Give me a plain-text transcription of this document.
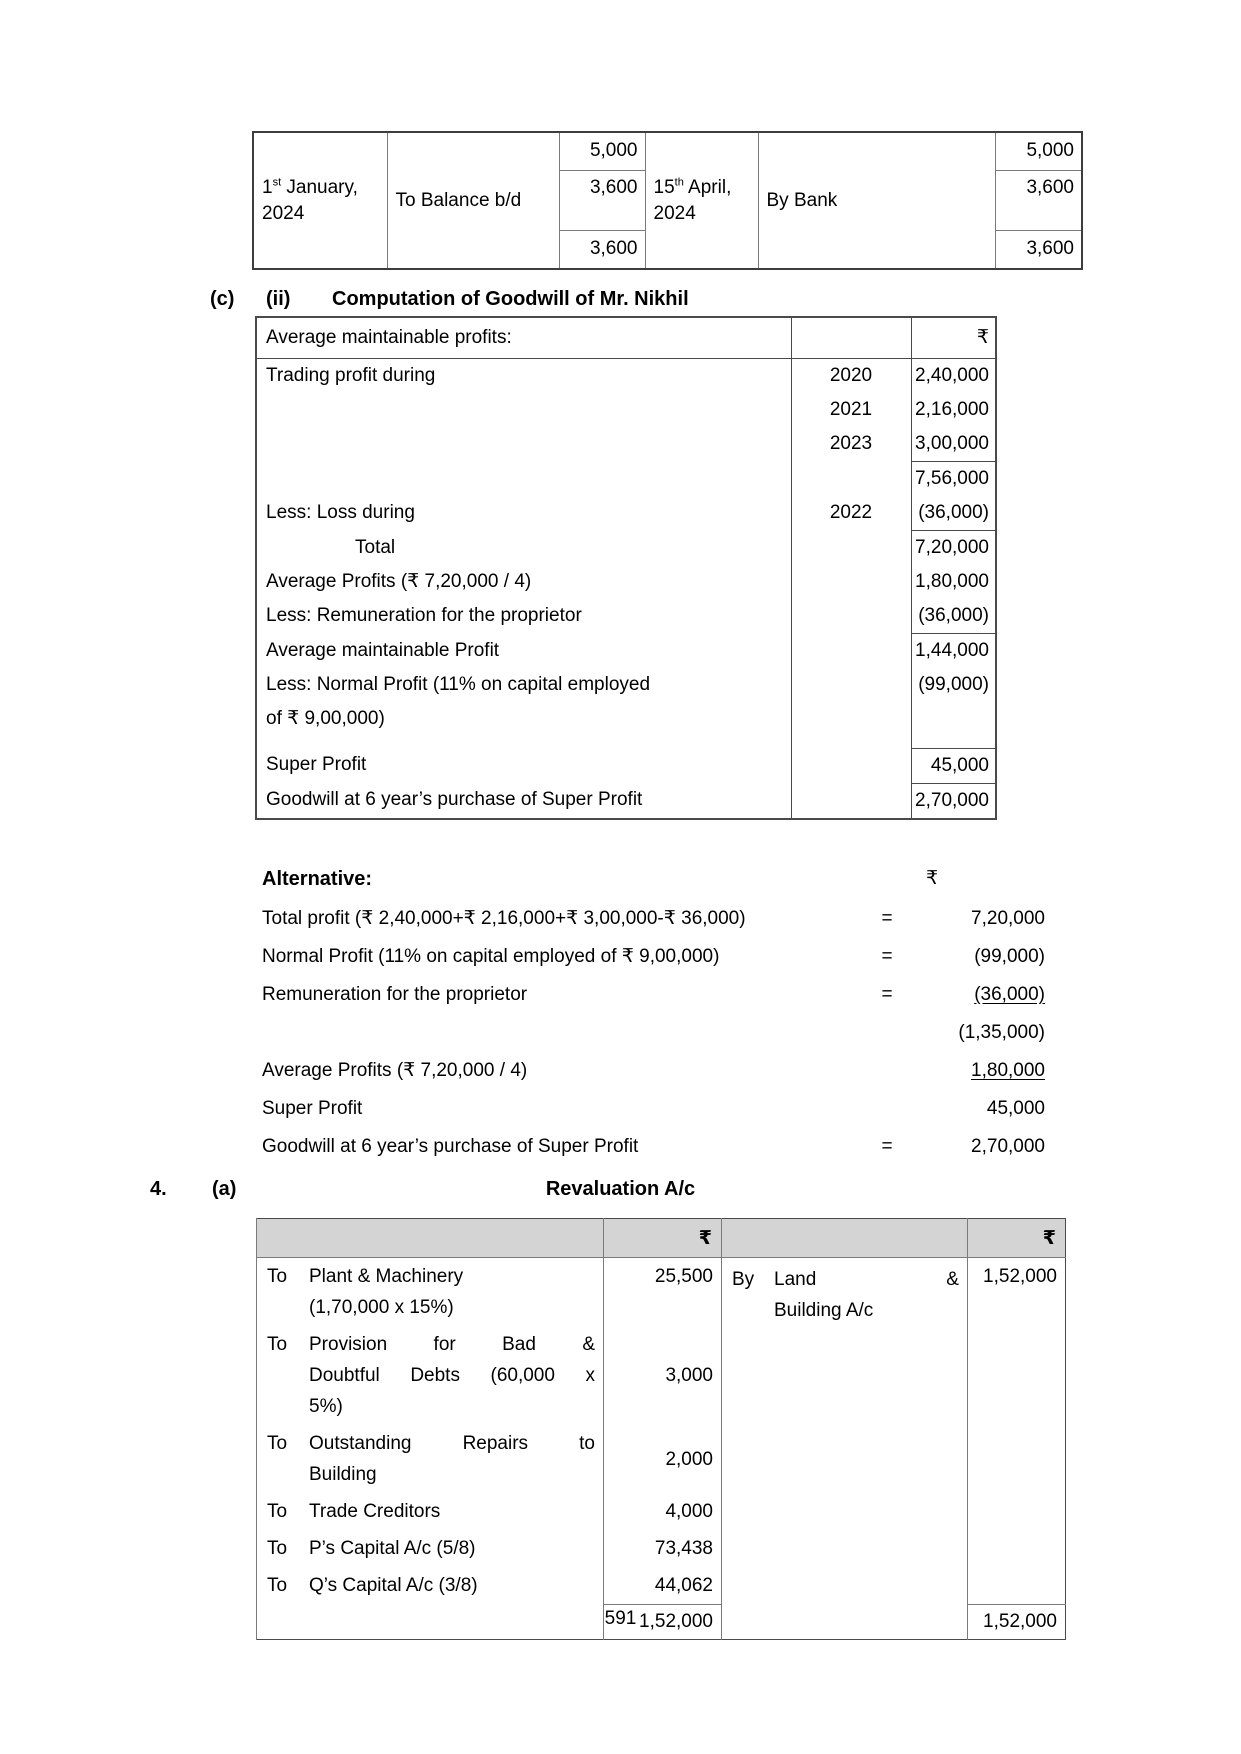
1st January, 2024	To Balance b/d	5,000	15th April, 2024	By Bank	5,000
		3,600			3,600
		3,600			3,600
(c) (ii) Computation of Goodwill of Mr. Nikhil
Average maintainable profits:		₹
Trading profit during	2020	2,40,000
	2021	2,16,000
	2023	3,00,000
		7,56,000
Less: Loss during	2022	(36,000)
Total		7,20,000
Average Profits (₹ 7,20,000 / 4)		1,80,000
Less: Remuneration for the proprietor		(36,000)
Average maintainable Profit		1,44,000

Less: Normal Profit (11% on capital employed
of ₹ 9,00,000)		(99,000)
Super Profit		45,000
Goodwill at 6 year’s purchase of Super Profit		2,70,000
Alternative:	₹
Total profit (₹ 2,40,000+₹ 2,16,000+₹ 3,00,000-₹ 36,000)	=	7,20,000
Normal Profit (11% on capital employed of ₹ 9,00,000)	=	(99,000)
Remuneration for the proprietor	=	(36,000)
(1,35,000)
Average Profits (₹ 7,20,000 / 4)	1,80,000
Super Profit	45,000
Goodwill at 6 year’s purchase of Super Profit	=	2,70,000
4. (a)	Revaluation A/c
	₹		₹

To	Plant & Machinery
(1,70,000 x 15%)
	25,500	By	Land &
Building A/c
	1,52,000

To Provision for Bad &
Doubtful Debts (60,000 x
5%)	3,000		

To Outstanding Repairs to
Building	2,000		

To Trade Creditors	4,000		

To P’s Capital A/c (5/8)	73,438		

To Q’s Capital A/c (3/8)	44,062		
	1,52,000		1,52,000
591
